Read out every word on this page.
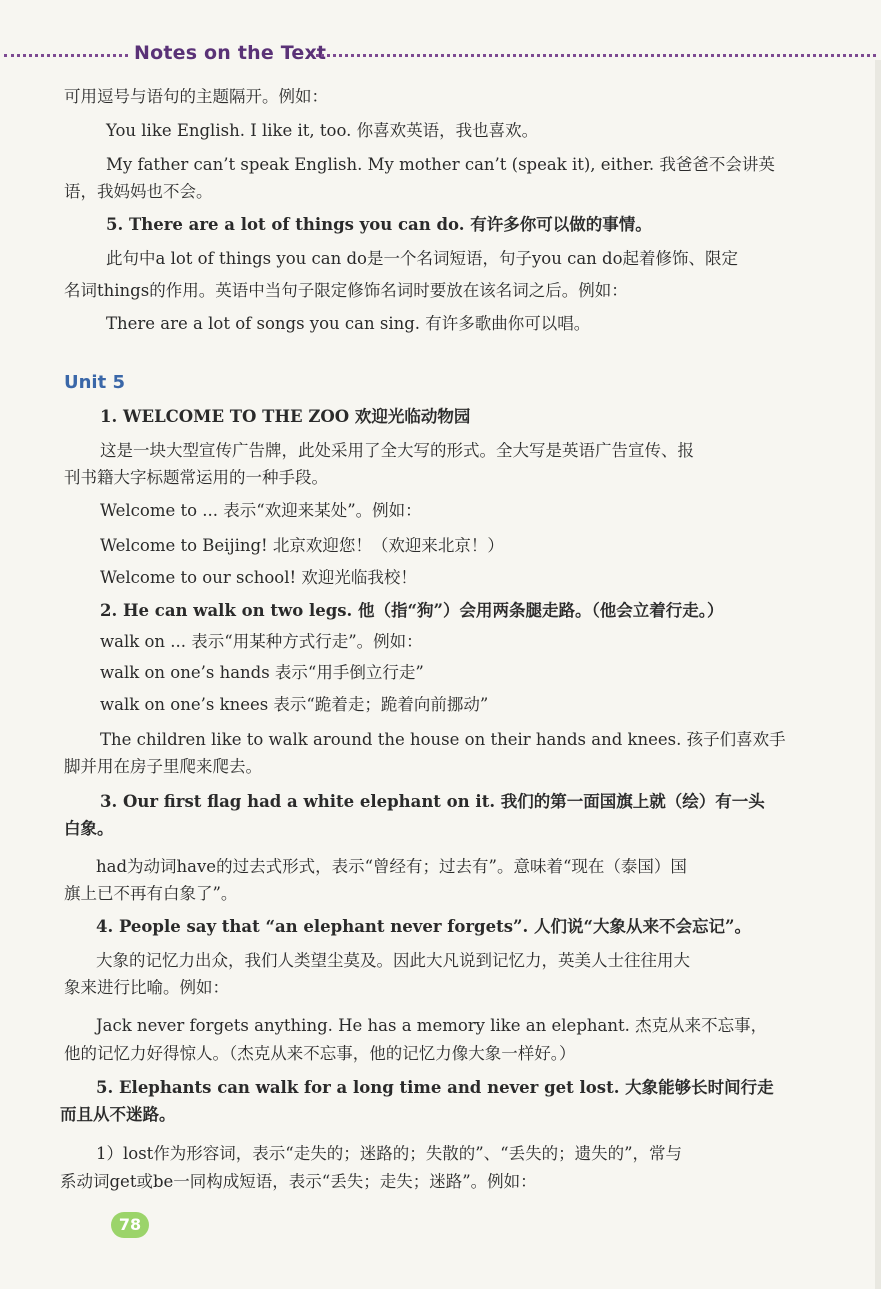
Notes on the Text
可用逗号与语句的主题隔开。例如：
You like English. I like it, too. 你喜欢英语，我也喜欢。
My father can’t speak English. My mother can’t (speak it), either. 我爸爸不会讲英
语，我妈妈也不会。
5. There are a lot of things you can do. 有许多你可以做的事情。
此句中a lot of things you can do是一个名词短语，句子you can do起着修饰、限定
名词things的作用。英语中当句子限定修饰名词时要放在该名词之后。例如：
There are a lot of songs you can sing. 有许多歌曲你可以唱。
Unit 5
1. WELCOME TO THE ZOO 欢迎光临动物园
这是一块大型宣传广告牌，此处采用了全大写的形式。全大写是英语广告宣传、报
刊书籍大字标题常运用的一种手段。
Welcome to ... 表示“欢迎来某处”。例如：
Welcome to Beijing! 北京欢迎您！（欢迎来北京！）
Welcome to our school! 欢迎光临我校！
2. He can walk on two legs. 他（指“狗”）会用两条腿走路。（他会立着行走。）
walk on ... 表示“用某种方式行走”。例如：
walk on one’s hands 表示“用手倒立行走”
walk on one’s knees 表示“跪着走；跪着向前挪动”
The children like to walk around the house on their hands and knees. 孩子们喜欢手
脚并用在房子里爬来爬去。
3. Our first flag had a white elephant on it. 我们的第一面国旗上就（绘）有一头
白象。
had为动词have的过去式形式，表示“曾经有；过去有”。意味着“现在（泰国）国
旗上已不再有白象了”。
4. People say that “an elephant never forgets”. 人们说“大象从来不会忘记”。
大象的记忆力出众，我们人类望尘莫及。因此大凡说到记忆力，英美人士往往用大
象来进行比喻。例如：
Jack never forgets anything. He has a memory like an elephant. 杰克从来不忘事，
他的记忆力好得惊人。（杰克从来不忘事，他的记忆力像大象一样好。）
5. Elephants can walk for a long time and never get lost. 大象能够长时间行走
而且从不迷路。
1）lost作为形容词，表示“走失的；迷路的；失散的”、“丢失的；遗失的”，常与
系动词get或be一同构成短语，表示“丢失；走失；迷路”。例如：
78
